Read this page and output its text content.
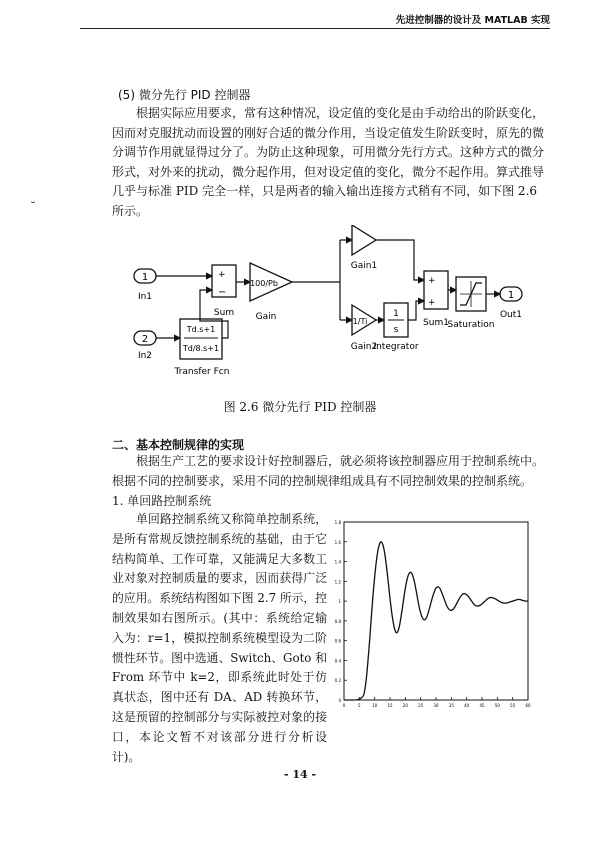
先进控制器的设计及 MATLAB 实现
(5) 微分先行 PID 控制器

根据实际应用要求，常有这种情况，设定值的变化是由手动给出的阶跃变化，因而对克服扰动而设置的刚好合适的微分作用，当设定值发生阶跃变时，原先的微分调节作用就显得过分了。为防止这种现象，可用微分先行方式。这种方式的微分形式，对外来的扰动，微分起作用，但对设定值的变化，微分不起作用。算式推导几乎与标准 PID 完全一样，只是两者的输入输出连接方式稍有不同，如下图 2.6 所示。

1
In1
2
In2
+
−
Sum
100/Pb
Gain
Gain1
1/Ti
Gain2
1
s
Integrator
+
+
Sum1
Saturation
1
Out1
Td.s+1
Td/8.s+1
Transfer Fcn
图 2.6 微分先行 PID 控制器
二、基本控制规律的实现

根据生产工艺的要求设计好控制器后，就必须将该控制器应用于控制系统中。根据不同的控制要求，采用不同的控制规律组成具有不同控制效果的控制系统。

1. 单回路控制系统

单回路控制系统又称简单控制系统，是所有常规反馈控制系统的基础，由于它结构简单、工作可靠，又能满足大多数工业对象对控制质量的要求，因而获得广泛的应用。系统结构图如下图 2.7 所示，控制效果如右图所示。(其中：系统给定输入为：r=1，模拟控制系统模型设为二阶惯性环节。图中选通、Switch、Goto 和 From 环节中 k=2，即系统此时处于仿真状态，图中还有 DA、AD 转换环节，这是预留的控制部分与实际被控对象的接口，本论文暂不对该部分进行分析设计)。

0
0.2
0.4
0.6
0.8
1
1.2
1.4
1.6
1.8
0	5	10	15	20	25	30	35	40	45	50	55	60
- 14 -
˘
